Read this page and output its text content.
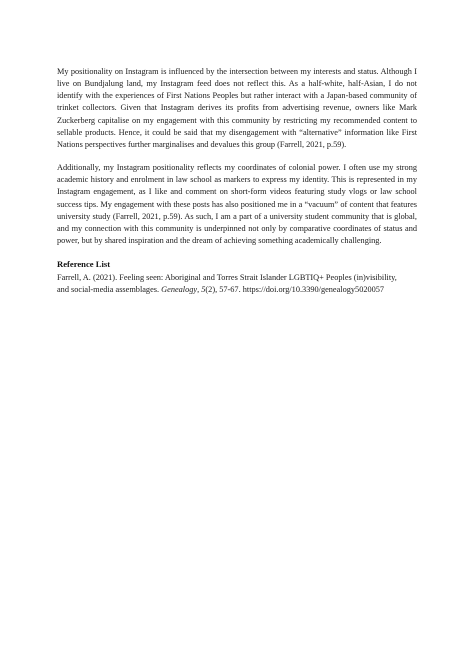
My positionality on Instagram is influenced by the intersection between my interests and status. Although I live on Bundjalung land, my Instagram feed does not reflect this. As a half-white, half-Asian, I do not identify with the experiences of First Nations Peoples but rather interact with a Japan-based community of trinket collectors. Given that Instagram derives its profits from advertising revenue, owners like Mark Zuckerberg capitalise on my engagement with this community by restricting my recommended content to sellable products. Hence, it could be said that my disengagement with “alternative” information like First Nations perspectives further marginalises and devalues this group (Farrell, 2021, p.59).

Additionally, my Instagram positionality reflects my coordinates of colonial power. I often use my strong academic history and enrolment in law school as markers to express my identity. This is represented in my Instagram engagement, as I like and comment on short-form videos featuring study vlogs or law school success tips. My engagement with these posts has also positioned me in a “vacuum” of content that features university study (Farrell, 2021, p.59). As such, I am a part of a university student community that is global, and my connection with this community is underpinned not only by comparative coordinates of status and power, but by shared inspiration and the dream of achieving something academically challenging.

Reference List

Farrell, A. (2021). Feeling seen: Aboriginal and Torres Strait Islander LGBTIQ+ Peoples (in)visibility, and social-media assemblages. Genealogy, 5(2), 57-67. https://doi.org/10.3390/genealogy5020057
